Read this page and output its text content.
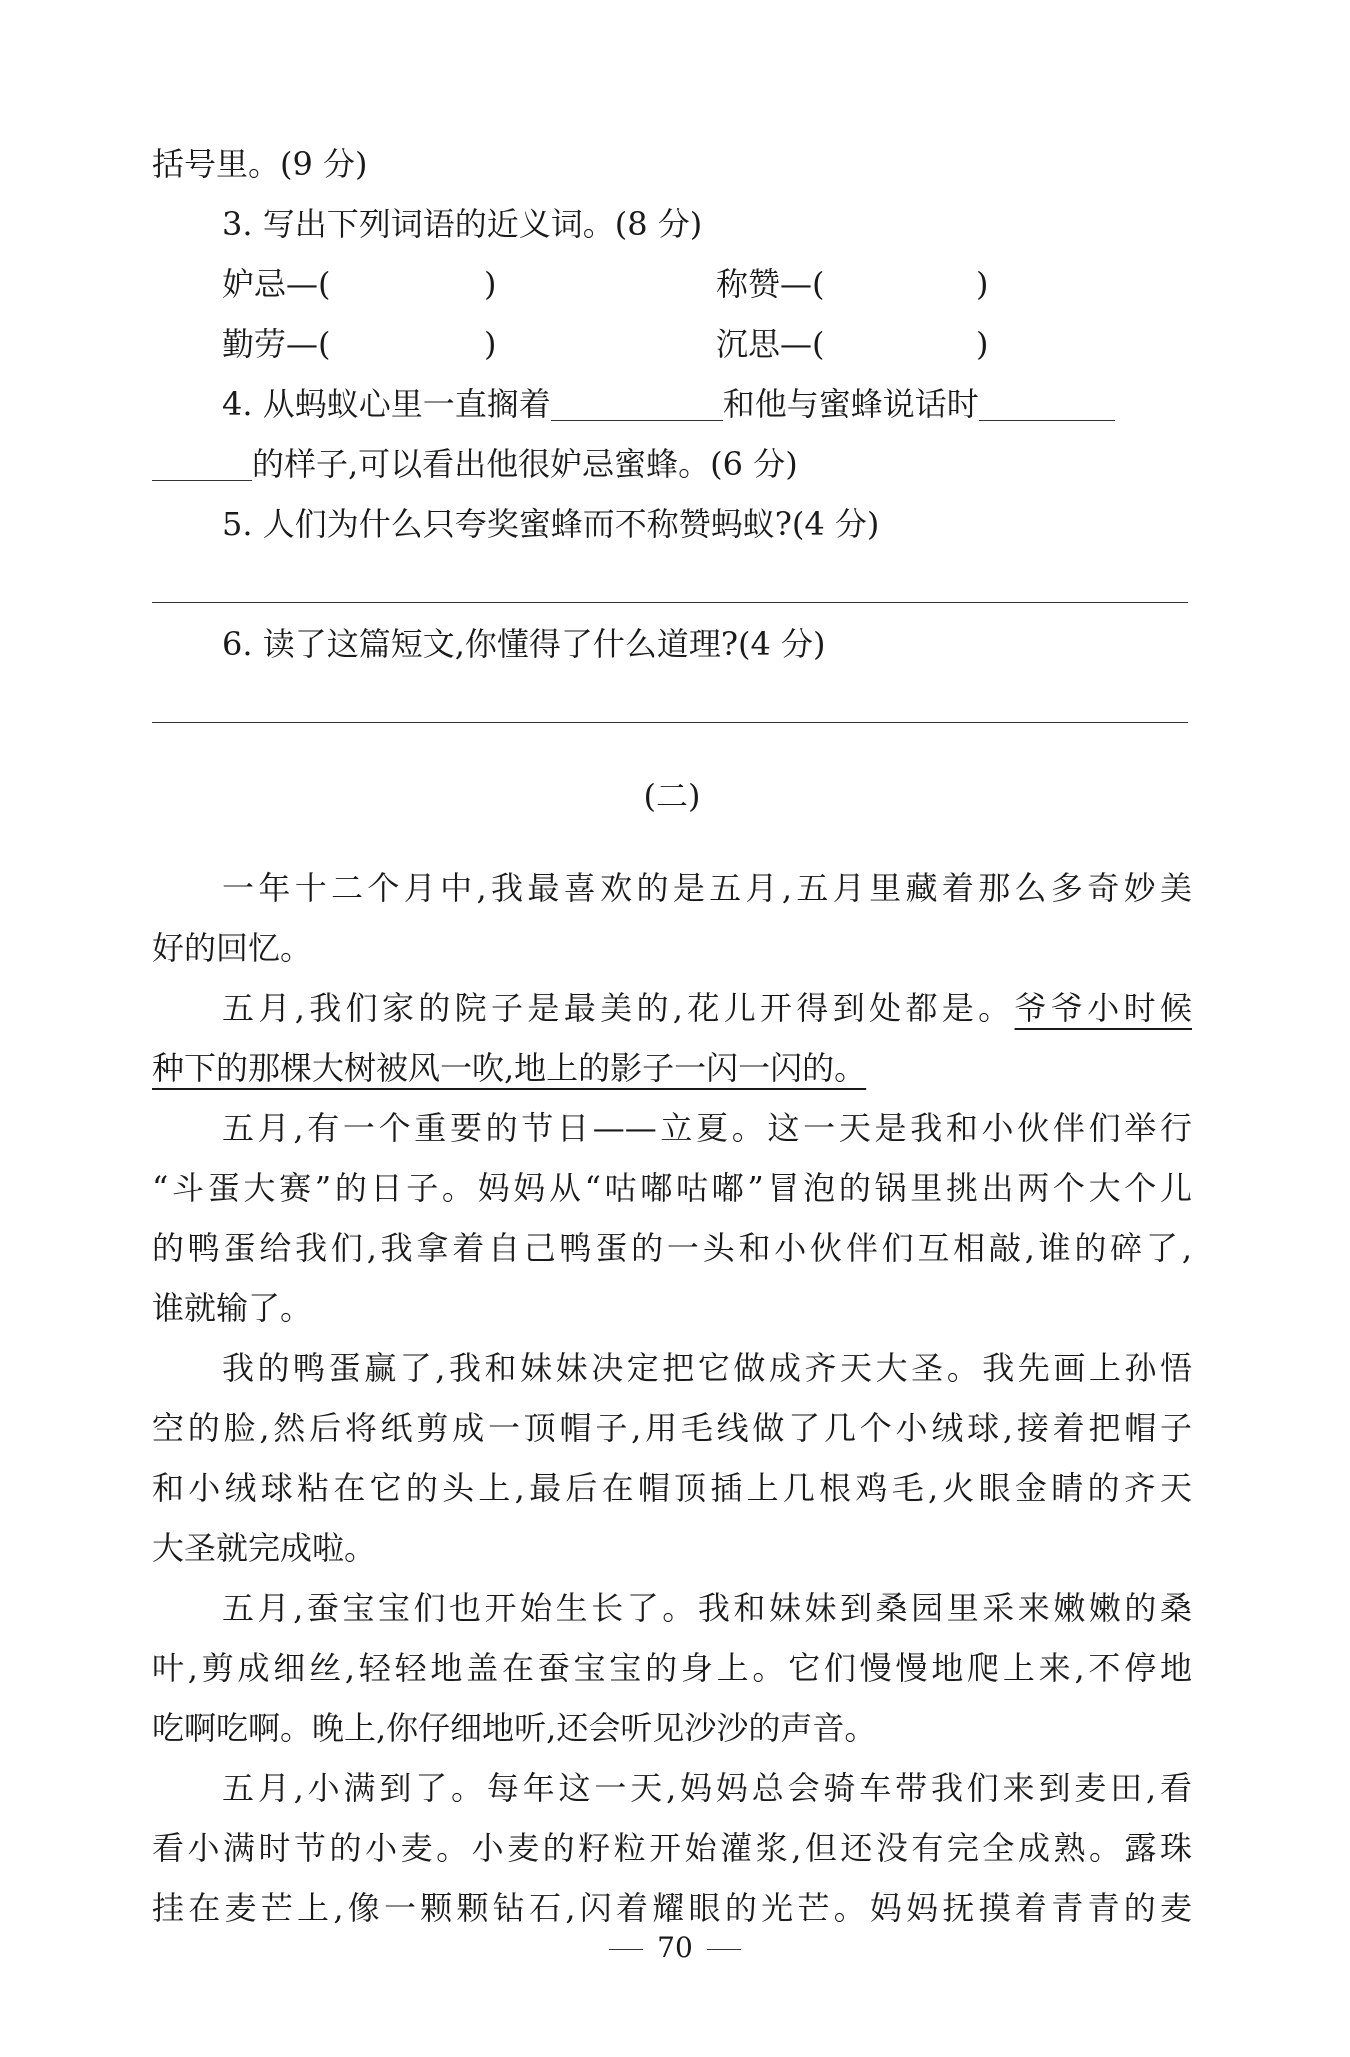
括号里。(9 分)
3. 写出下列词语的近义词。(8 分)
妒忌—(	)	称赞—(	)
勤劳—(	)	沉思—(	)
4. 从蚂蚁心里一直搁着	和他与蜜蜂说话时
的样子,可以看出他很妒忌蜜蜂。(6 分)
5. 人们为什么只夸奖蜜蜂而不称赞蚂蚁?(4 分)
6. 读了这篇短文,你懂得了什么道理?(4 分)
(二)
一年十二个月中,我最喜欢的是五月,五月里藏着那么多奇妙美
好的回忆。
五月,我们家的院子是最美的,花儿开得到处都是。爷爷小时候
种下的那棵大树被风一吹,地上的影子一闪一闪的。
五月,有一个重要的节日——立夏。这一天是我和小伙伴们举行
“斗蛋大赛”的日子。妈妈从“咕嘟咕嘟”冒泡的锅里挑出两个大个儿
的鸭蛋给我们,我拿着自己鸭蛋的一头和小伙伴们互相敲,谁的碎了,
谁就输了。
我的鸭蛋赢了,我和妹妹决定把它做成齐天大圣。我先画上孙悟
空的脸,然后将纸剪成一顶帽子,用毛线做了几个小绒球,接着把帽子
和小绒球粘在它的头上,最后在帽顶插上几根鸡毛,火眼金睛的齐天
大圣就完成啦。
五月,蚕宝宝们也开始生长了。我和妹妹到桑园里采来嫩嫩的桑
叶,剪成细丝,轻轻地盖在蚕宝宝的身上。它们慢慢地爬上来,不停地
吃啊吃啊。晚上,你仔细地听,还会听见沙沙的声音。
五月,小满到了。每年这一天,妈妈总会骑车带我们来到麦田,看
看小满时节的小麦。小麦的籽粒开始灌浆,但还没有完全成熟。露珠
挂在麦芒上,像一颗颗钻石,闪着耀眼的光芒。妈妈抚摸着青青的麦
70
